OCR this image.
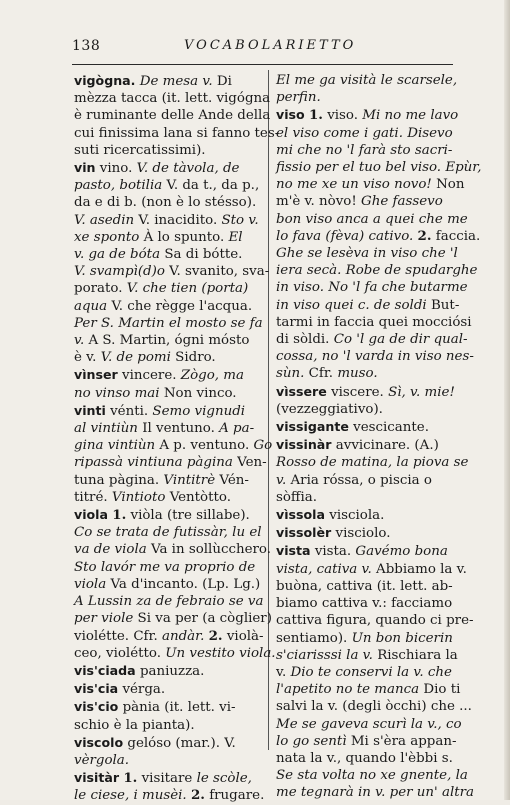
138	VOCABOLARIETTO
vigògna. De mesa v. Di
mèzza tacca (it. lett. vigógna
è ruminante delle Ande della
cui finissima lana si fanno tes-
suti ricercatissimi).
vin vino. V. de tàvola, de
pasto, botilia V. da t., da p.,
da e di b. (non è lo stésso).
V. asedin V. inacidito. Sto v.
xe sponto À lo spunto. El
v. ga de bóta Sa di bótte.
V. svampì(d)o V. svanito, sva-
porato. V. che tien (porta)
aqua V. che règge l'acqua.
Per S. Martin el mosto se fa
v. A S. Martin, ógni mósto
è v. V. de pomi Sidro.
vìnser vincere. Zògo, ma
no vinso mai Non vinco.
vinti vénti. Semo vignudi
al vintiùn Il ventuno. A pa-
gina vintiùn A p. ventuno. Go
ripassà vintiuna pàgina Ven-
tuna pàgina. Vintitrè Vén-
titré. Vintioto Ventòtto.
viola 1. viòla (tre sillabe).
Co se trata de futissàr, lu el
va de viola Va in sollùcchero.
Sto lavór me va proprio de
viola Va d'incanto. (Lp. Lg.)
A Lussin za de febraio se va
per viole Si va per (a còglier)
violétte. Cfr. andàr. 2. violà-
ceo, violétto. Un vestito viola.
vis'ciada paniuzza.
vis'cia vérga.
vis'cio pània (it. lett. vi-
schio è la pianta).
viscolo gelóso (mar.). V.
vèrgola.
visitàr 1. visitare le scòle,
le ciese, i musèi. 2. frugare.
El me ga visità le scarsele,
perfin.
viso 1. viso. Mi no me lavo
el viso come i gati. Disevo
mi che no 'l farà sto sacri-
fissio per el tuo bel viso. Epùr,
no me xe un viso novo! Non
m'è v. nòvo! Ghe fassevo
bon viso anca a quei che me
lo fava (fèva) cativo. 2. faccia.
Ghe se lesèva in viso che 'l
iera secà. Robe de spudarghe
in viso. No 'l fa che butarme
in viso quei c. de soldi But-
tarmi in faccia quei mocciósi
di sòldi. Co 'l ga de dir qual-
cossa, no 'l varda in viso nes-
sùn. Cfr. muso.
vìssere viscere. Sì, v. mie!
(vezzeggiativo).
vissigante vescicante.
vissinàr avvicinare. (A.)
Rosso de matina, la piova se
v. Aria róssa, o piscia o
sòffia.
vìssola visciola.
vissolèr visciolo.
vista vista. Gavémo bona
vista, cativa v. Abbiamo la v.
buòna, cattiva (it. lett. ab-
biamo cattiva v.: facciamo
cattiva figura, quando ci pre-
sentiamo). Un bon bicerin
s'ciarisssi la v. Rischiara la
v. Dio te conservi la v. che
l'apetito no te manca Dio ti
salvi la v. (degli òcchi) che ...
Me se gaveva scurì la v., co
lo go sentì Mi s'èra appan-
nata la v., quando l'èbbi s.
Se sta volta no xe gnente, la
me tegnarà in v. per un' altra
